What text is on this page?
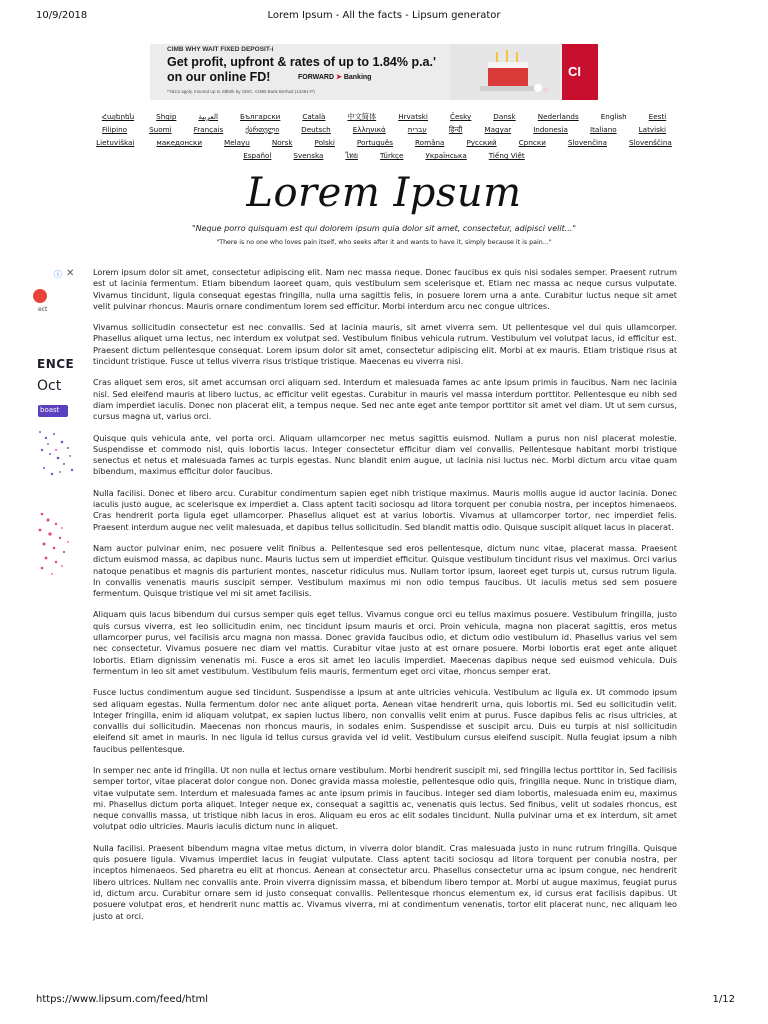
10/9/2018	Lorem Ipsum - All the facts - Lipsum generator
CIMB WHY WAIT FIXED DEPOSIT-i
Get profit, upfront & rates of up to 1.84% p.a.'
on our online FD!	FORWARD ➤ Banking
*T&Cs apply. Insured up to S$50k by SDIC. CIMB Bank Berhad (13491-P)
CI
Հայերեն	Shqip	العربية	Български	Català	中文简体	Hrvatski	Česky	Dansk	Nederlands	English	Eesti
Filipino	Suomi	Français	ქართული	Deutsch	Ελληνικά	עברית	हिन्दी	Magyar	Indonesia	Italiano	Latviski
Lietuviškai	македонски	Melayu	Norsk	Polski	Português	Româna	Pyccкий	Српски	Slovenčina	Slovenščina
Español	Svenska	ไทย	Türkçe	Українська	Tiếng Việt
Lorem Ipsum
"Neque porro quisquam est qui dolorem ipsum quia dolor sit amet, consectetur, adipisci velit..."
"There is no one who loves pain itself, who seeks after it and wants to have it, simply because it is pain..."
ⓘ ✕
ect
ENCE
Oct
boast

Lorem ipsum dolor sit amet, consectetur adipiscing elit. Nam nec massa neque. Donec faucibus ex quis nisi sodales semper. Praesent rutrum est ut lacinia fermentum. Etiam bibendum laoreet quam, quis vestibulum sem scelerisque et. Etiam nec massa ac neque cursus vulputate. Vivamus tincidunt, ligula consequat egestas fringilla, nulla urna sagittis felis, in posuere lorem urna a ante. Curabitur luctus neque sit amet velit pulvinar rhoncus. Mauris ornare condimentum lorem sed efficitur. Morbi interdum arcu nec congue ultrices.

Vivamus sollicitudin consectetur est nec convallis. Sed at lacinia mauris, sit amet viverra sem. Ut pellentesque vel dui quis ullamcorper. Phasellus aliquet urna lectus, nec interdum ex volutpat sed. Vestibulum finibus vehicula rutrum. Vestibulum vel volutpat lacus, id efficitur est. Praesent dictum pellentesque consequat. Lorem ipsum dolor sit amet, consectetur adipiscing elit. Morbi at ex mauris. Etiam tristique risus at tincidunt tristique. Fusce ut tellus viverra risus tristique tristique. Maecenas eu viverra nisi.

Cras aliquet sem eros, sit amet accumsan orci aliquam sed. Interdum et malesuada fames ac ante ipsum primis in faucibus. Nam nec lacinia nisl. Sed eleifend mauris at libero luctus, ac efficitur velit egestas. Curabitur in mauris vel massa interdum porttitor. Pellentesque eu nibh sed diam imperdiet iaculis. Donec non placerat elit, a tempus neque. Sed nec ante eget ante tempor porttitor sit amet vel diam. Ut ut sem cursus, cursus magna ut, varius orci.

Quisque quis vehicula ante, vel porta orci. Aliquam ullamcorper nec metus sagittis euismod. Nullam a purus non nisl placerat molestie. Suspendisse et commodo nisl, quis lobortis lacus. Integer consectetur efficitur diam vel convallis. Pellentesque habitant morbi tristique senectus et netus et malesuada fames ac turpis egestas. Nunc blandit enim augue, ut lacinia nisi luctus nec. Morbi dictum arcu vitae quam bibendum, maximus efficitur dolor faucibus.

Nulla facilisi. Donec et libero arcu. Curabitur condimentum sapien eget nibh tristique maximus. Mauris mollis augue id auctor lacinia. Donec iaculis justo augue, ac scelerisque ex imperdiet a. Class aptent taciti sociosqu ad litora torquent per conubia nostra, per inceptos himenaeos. Cras hendrerit porta ligula eget ullamcorper. Phasellus aliquet est at varius lobortis. Vivamus at ullamcorper tortor, nec imperdiet felis. Praesent interdum augue nec velit malesuada, et dapibus tellus sollicitudin. Sed blandit mattis odio. Quisque suscipit aliquet lacus in placerat.

Nam auctor pulvinar enim, nec posuere velit finibus a. Pellentesque sed eros pellentesque, dictum nunc vitae, placerat massa. Praesent dictum euismod massa, ac dapibus nunc. Mauris luctus sem ut imperdiet efficitur. Quisque vestibulum tincidunt risus vel maximus. Orci varius natoque penatibus et magnis dis parturient montes, nascetur ridiculus mus. Nullam tortor ipsum, laoreet eget turpis ut, cursus rutrum ligula. In convallis venenatis mauris suscipit semper. Vestibulum maximus mi non odio tempus faucibus. Ut iaculis metus sed sem posuere fermentum. Quisque tristique vel mi sit amet facilisis.

Aliquam quis lacus bibendum dui cursus semper quis eget tellus. Vivamus congue orci eu tellus maximus posuere. Vestibulum fringilla, justo quis cursus viverra, est leo sollicitudin enim, nec tincidunt ipsum mauris et orci. Proin vehicula, magna non placerat sagittis, eros metus ullamcorper purus, vel facilisis arcu magna non massa. Donec gravida faucibus odio, et dictum odio vestibulum id. Phasellus varius vel sem nec consectetur. Vivamus posuere nec diam vel mattis. Curabitur vitae justo at est ornare posuere. Morbi lobortis erat eget ante aliquet lobortis. Etiam dignissim venenatis mi. Fusce a eros sit amet leo iaculis imperdiet. Maecenas dapibus neque sed euismod vehicula. Duis fermentum in leo sit amet vestibulum. Vestibulum felis mauris, fermentum eget orci vitae, rhoncus semper erat.

Fusce luctus condimentum augue sed tincidunt. Suspendisse a ipsum at ante ultricies vehicula. Vestibulum ac ligula ex. Ut commodo ipsum sed aliquam egestas. Nulla fermentum dolor nec ante aliquet porta. Aenean vitae hendrerit urna, quis lobortis mi. Sed eu sollicitudin velit. Integer fringilla, enim id aliquam volutpat, ex sapien luctus libero, non convallis velit enim at purus. Fusce dapibus felis ac risus ultricies, at convallis dui sollicitudin. Maecenas non rhoncus mauris, in sodales enim. Suspendisse et suscipit arcu. Duis eu turpis at nisl sollicitudin eleifend sit amet in mauris. In nec ligula id tellus cursus gravida vel id velit. Vestibulum cursus eleifend suscipit. Nulla feugiat ipsum a nibh faucibus pellentesque.

In semper nec ante id fringilla. Ut non nulla et lectus ornare vestibulum. Morbi hendrerit suscipit mi, sed fringilla lectus porttitor in. Sed facilisis semper tortor, vitae placerat dolor congue non. Donec gravida massa molestie, pellentesque odio quis, fringilla neque. Nunc in tristique diam, vitae vulputate sem. Interdum et malesuada fames ac ante ipsum primis in faucibus. Integer sed diam lobortis, malesuada enim eu, maximus mi. Phasellus dictum porta aliquet. Integer neque ex, consequat a sagittis ac, venenatis quis lectus. Sed finibus, velit ut sodales rhoncus, est neque convallis massa, ut tristique nibh lacus in eros. Aliquam eu eros ac elit sodales tincidunt. Nulla pulvinar urna et ex interdum, sit amet volutpat odio ultricies. Mauris iaculis dictum nunc in aliquet.

Nulla facilisi. Praesent bibendum magna vitae metus dictum, in viverra dolor blandit. Cras malesuada justo in nunc rutrum fringilla. Quisque quis posuere ligula. Vivamus imperdiet lacus in feugiat vulputate. Class aptent taciti sociosqu ad litora torquent per conubia nostra, per inceptos himenaeos. Sed pharetra eu elit at rhoncus. Aenean at consectetur arcu. Phasellus consectetur urna ac ipsum congue, nec hendrerit libero ultrices. Nullam nec convallis ante. Proin viverra dignissim massa, et bibendum libero tempor at. Morbi ut augue maximus, feugiat purus id, dictum arcu. Curabitur ornare sem id justo consequat convallis. Pellentesque rhoncus elementum ex, id cursus erat facilisis dapibus. Ut posuere volutpat eros, et hendrerit nunc mattis ac. Vivamus viverra, mi at condimentum venenatis, tortor elit placerat nunc, nec aliquam leo justo at orci.

https://www.lipsum.com/feed/html	1/12
